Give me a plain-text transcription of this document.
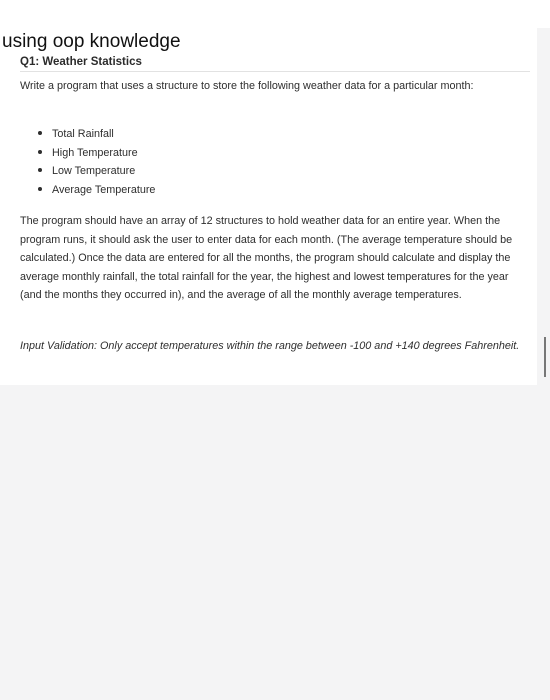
using oop knowledge
Q1: Weather Statistics
Write a program that uses a structure to store the following weather data for a particular month:
Total Rainfall
High Temperature
Low Temperature
Average Temperature
The program should have an array of 12 structures to hold weather data for an entire year. When the program runs, it should ask the user to enter data for each month. (The average temperature should be calculated.) Once the data are entered for all the months, the program should calculate and display the average monthly rainfall, the total rainfall for the year, the highest and lowest temperatures for the year (and the months they occurred in), and the average of all the monthly average temperatures.
Input Validation: Only accept temperatures within the range between -100 and +140 degrees Fahrenheit.
